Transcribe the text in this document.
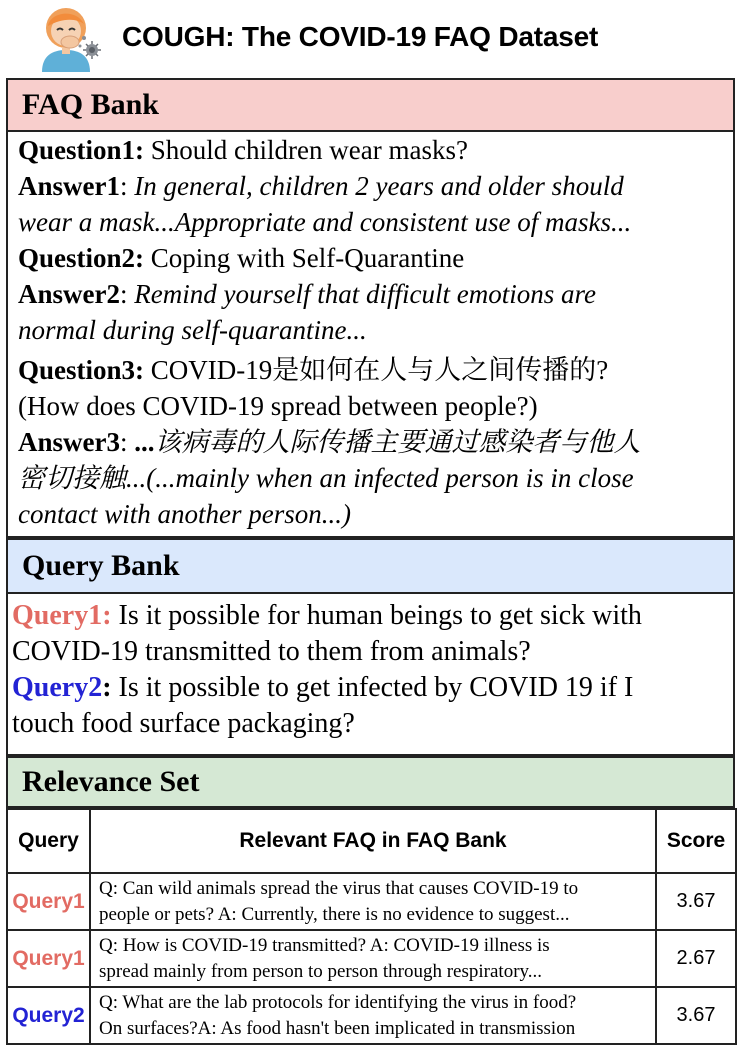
COUGH: The COVID-19 FAQ Dataset
FAQ Bank
Question1: Should children wear masks?
Answer1: In general, children 2 years and older should
wear a mask...Appropriate and consistent use of masks...
Question2: Coping with Self-Quarantine
Answer2: Remind yourself that difficult emotions are
normal during self-quarantine...
Question3: COVID-19是如何在人与人之间传播的?
(How does COVID-19 spread between people?)
Answer3: ...该病毒的人际传播主要通过感染者与他人
密切接触...(...mainly when an infected person is in close
contact with another person...)
Query Bank
Query1: Is it possible for human beings to get sick with
COVID-19 transmitted to them from animals?
Query2: Is it possible to get infected by COVID 19 if I
touch food surface packaging?
Relevance Set
Query	Relevant FAQ in FAQ Bank	Score
Query1	Q: Can wild animals spread the virus that causes COVID-19 to
people or pets? A: Currently, there is no evidence to suggest...	3.67
Query1	Q: How is COVID-19 transmitted? A: COVID-19 illness is
spread mainly from person to person through respiratory...	2.67
Query2	Q: What are the lab protocols for identifying the virus in food?
On surfaces?A: As food hasn't been implicated in transmission	3.67
